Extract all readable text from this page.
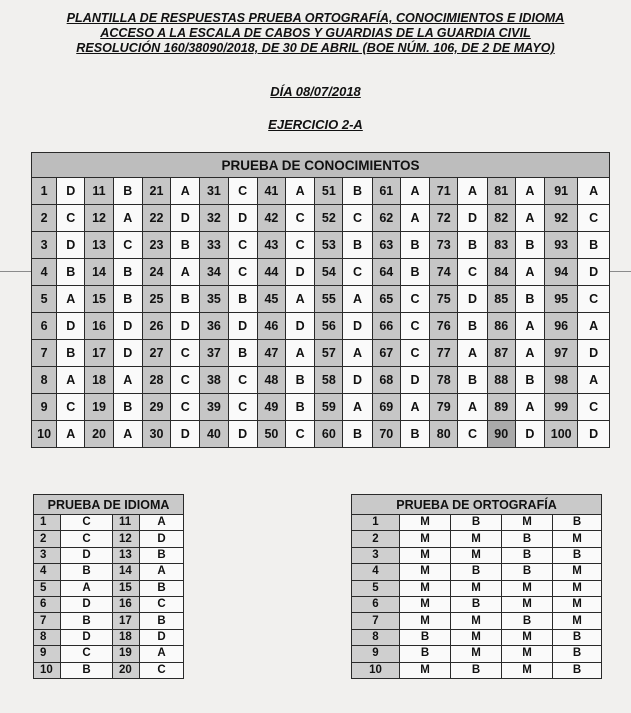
PLANTILLA DE RESPUESTAS PRUEBA ORTOGRAFÍA, CONOCIMIENTOS E IDIOMA
ACCESO A LA ESCALA DE CABOS Y GUARDIAS DE LA GUARDIA CIVIL
RESOLUCIÓN 160/38090/2018, DE 30 DE ABRIL (BOE NÚM. 106, DE 2 DE MAYO)
DÍA 08/07/2018
EJERCICIO 2-A
PRUEBA DE CONOCIMIENTOS																			
1	D	11	B	21	A	31	C	41	A	51	B	61	A	71	A	81	A	91	A
2	C	12	A	22	D	32	D	42	C	52	C	62	A	72	D	82	A	92	C
3	D	13	C	23	B	33	C	43	C	53	B	63	B	73	B	83	B	93	B
4	B	14	B	24	A	34	C	44	D	54	C	64	B	74	C	84	A	94	D
5	A	15	B	25	B	35	B	45	A	55	A	65	C	75	D	85	B	95	C
6	D	16	D	26	D	36	D	46	D	56	D	66	C	76	B	86	A	96	A
7	B	17	D	27	C	37	B	47	A	57	A	67	C	77	A	87	A	97	D
8	A	18	A	28	C	38	C	48	B	58	D	68	D	78	B	88	B	98	A
9	C	19	B	29	C	39	C	49	B	59	A	69	A	79	A	89	A	99	C
10	A	20	A	30	D	40	D	50	C	60	B	70	B	80	C	90	D	100	D
PRUEBA DE IDIOMA			
1	C	11	A
2	C	12	D
3	D	13	B
4	B	14	A
5	A	15	B
6	D	16	C
7	B	17	B
8	D	18	D
9	C	19	A
10	B	20	C
PRUEBA DE ORTOGRAFÍA				
1	M	B	M	B
2	M	M	B	M
3	M	M	B	B
4	M	B	B	M
5	M	M	M	M
6	M	B	M	M
7	M	M	B	M
8	B	M	M	B
9	B	M	M	B
10	M	B	M	B
